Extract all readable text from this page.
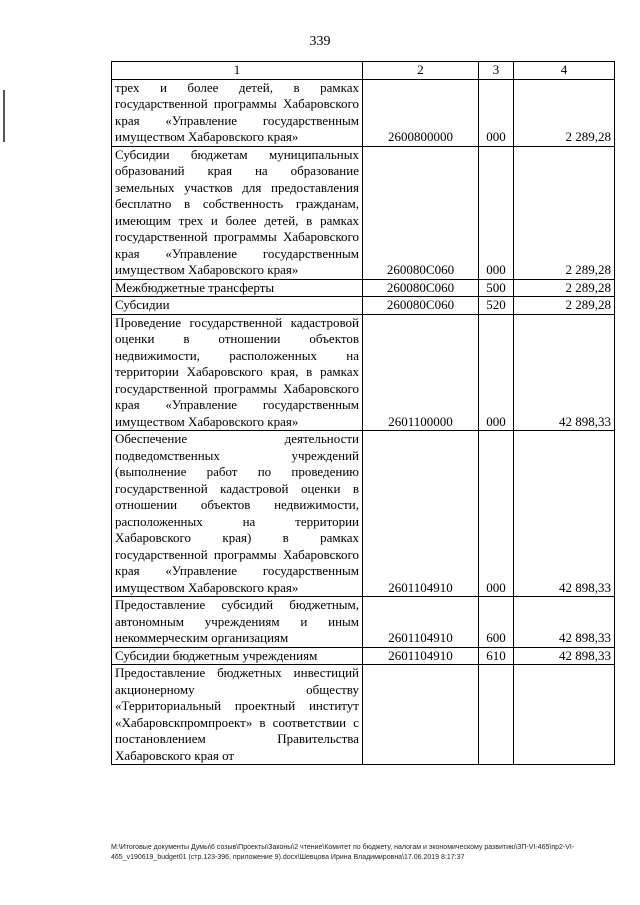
339
1	2	3	4
трех и более детей, в рамках государственной программы Хабаровского края «Управление государственным имуществом Хабаровского края»	2600800000	000	2 289,28
Субсидии бюджетам муниципальных образований края на образование земельных участков для предоставления бесплатно в собственность гражданам, имеющим трех и более детей, в рамках государственной программы Хабаровского края «Управление государственным имуществом Хабаровского края»	260080С060	000	2 289,28
Межбюджетные трансферты	260080С060	500	2 289,28
Субсидии	260080С060	520	2 289,28
Проведение государственной кадастровой оценки в отношении объектов недвижимости, расположенных на территории Хабаровского края, в рамках государственной программы Хабаровского края «Управление государственным имуществом Хабаровского края»	2601100000	000	42 898,33
Обеспечение деятельности подведомственных учреждений (выполнение работ по проведению государственной кадастровой оценки в отношении объектов недвижимости, расположенных на территории Хабаровского края) в рамках государственной программы Хабаровского края «Управление государственным имуществом Хабаровского края»	2601104910	000	42 898,33
Предоставление субсидий бюджетным, автономным учреждениям и иным некоммерческим организациям	2601104910	600	42 898,33
Субсидии бюджетным учреждениям	2601104910	610	42 898,33
Предоставление бюджетных инвестиций акционерному обществу «Территориальный проектный институт «Хабаровскпромпроект» в соответствии с постановлением Правительства Хабаровского края от			
M:\Итоговые документы Думы\6 созыв\Проекты\Законы\2 чтение\Комитет по бюджету, налогам и экономическому развитию\ЗП-VI-465\пр2-VI-465_v190619_budget01 (стр.123-396, приложение 9).docx\Шевцова Ирина Владимировна\17.06.2019 8:17:37
